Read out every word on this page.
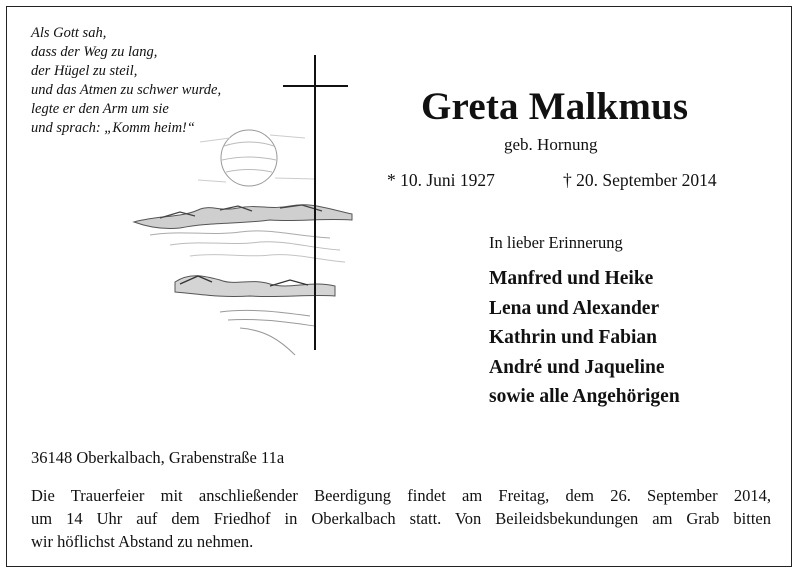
Als Gott sah,
dass der Weg zu lang,
der Hügel zu steil,
und das Atmen zu schwer wurde,
legte er den Arm um sie
und sprach: „Komm heim!“	Greta Malkmus
geb. Hornung
* 10. Juni 1927	† 20. September 2014
In lieber Erinnerung
Manfred und Heike
Lena und Alexander
Kathrin und Fabian
André und Jaqueline
sowie alle Angehörigen
36148 Oberkalbach, Grabenstraße 11a
Die Trauerfeier mit anschließender Beerdigung findet am Freitag, dem 26. September 2014,
um 14 Uhr auf dem Friedhof in Oberkalbach statt. Von Beileidsbekundungen am Grab bitten
wir höflichst Abstand zu nehmen.
